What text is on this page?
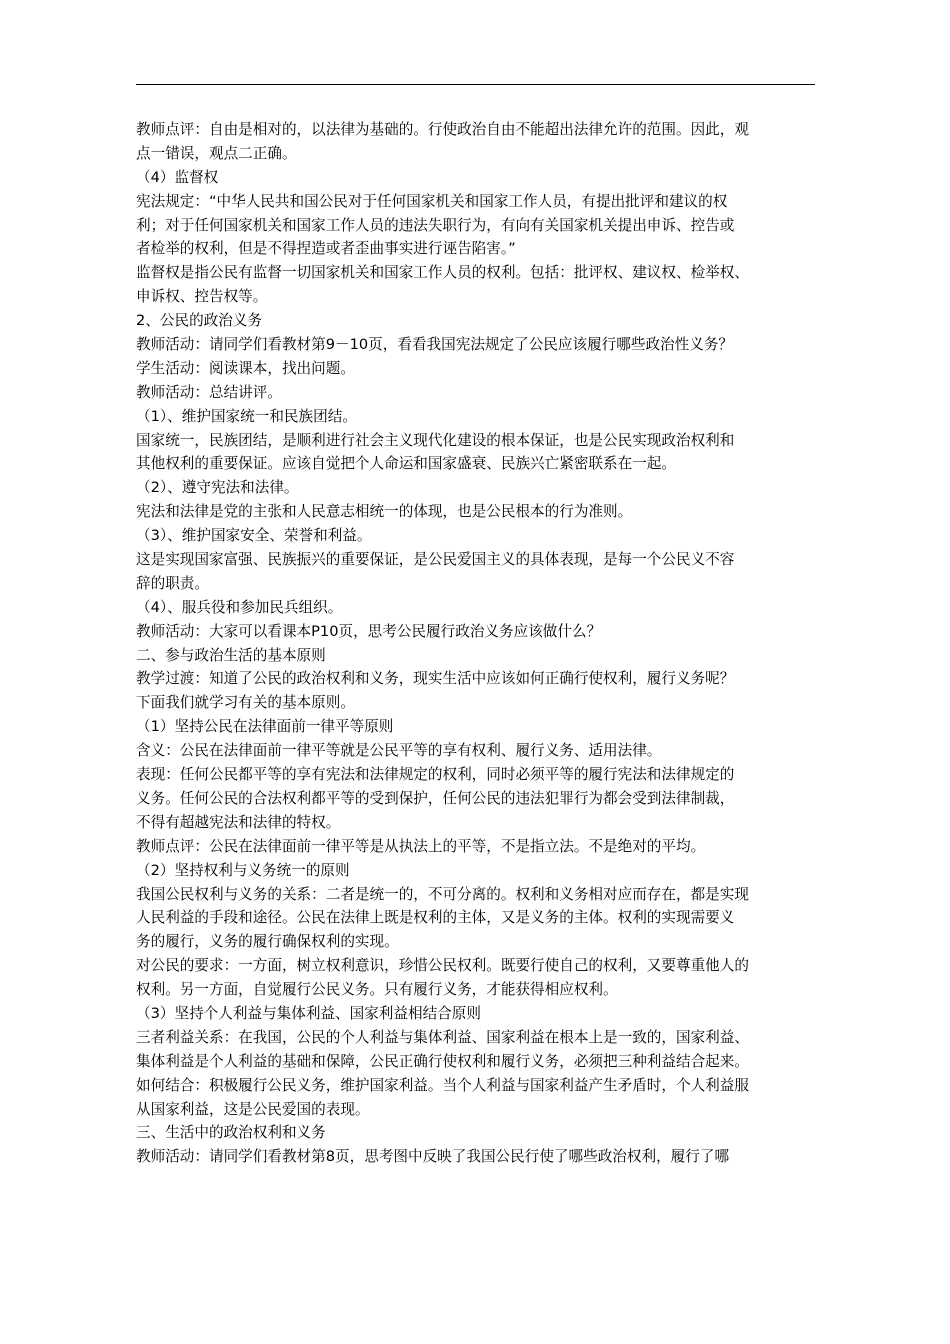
教师点评：自由是相对的，以法律为基础的。行使政治自由不能超出法律允许的范围。因此，观
点一错误，观点二正确。
（4）监督权
宪法规定：“中华人民共和国公民对于任何国家机关和国家工作人员，有提出批评和建议的权
利；对于任何国家机关和国家工作人员的违法失职行为，有向有关国家机关提出申诉、控告或
者检举的权利，但是不得捏造或者歪曲事实进行诬告陷害。”
监督权是指公民有监督一切国家机关和国家工作人员的权利。包括：批评权、建议权、检举权、
申诉权、控告权等。
2、公民的政治义务
教师活动：请同学们看教材第9－10页，看看我国宪法规定了公民应该履行哪些政治性义务？
学生活动：阅读课本，找出问题。
教师活动：总结讲评。
（1）、维护国家统一和民族团结。
国家统一，民族团结，是顺利进行社会主义现代化建设的根本保证，也是公民实现政治权利和
其他权利的重要保证。应该自觉把个人命运和国家盛衰、民族兴亡紧密联系在一起。
（2）、遵守宪法和法律。
宪法和法律是党的主张和人民意志相统一的体现，也是公民根本的行为准则。
（3）、维护国家安全、荣誉和利益。
这是实现国家富强、民族振兴的重要保证，是公民爱国主义的具体表现，是每一个公民义不容
辞的职责。
（4）、服兵役和参加民兵组织。
教师活动：大家可以看课本P10页，思考公民履行政治义务应该做什么？
二、参与政治生活的基本原则
教学过渡：知道了公民的政治权利和义务，现实生活中应该如何正确行使权利，履行义务呢？
下面我们就学习有关的基本原则。
（1）坚持公民在法律面前一律平等原则
含义：公民在法律面前一律平等就是公民平等的享有权利、履行义务、适用法律。
表现：任何公民都平等的享有宪法和法律规定的权利，同时必须平等的履行宪法和法律规定的
义务。任何公民的合法权利都平等的受到保护，任何公民的违法犯罪行为都会受到法律制裁，
不得有超越宪法和法律的特权。
教师点评：公民在法律面前一律平等是从执法上的平等，不是指立法。不是绝对的平均。
（2）坚持权利与义务统一的原则
我国公民权利与义务的关系：二者是统一的，不可分离的。权利和义务相对应而存在，都是实现
人民利益的手段和途径。公民在法律上既是权利的主体，又是义务的主体。权利的实现需要义
务的履行，义务的履行确保权利的实现。
对公民的要求：一方面，树立权利意识，珍惜公民权利。既要行使自己的权利，又要尊重他人的
权利。另一方面，自觉履行公民义务。只有履行义务，才能获得相应权利。
（3）坚持个人利益与集体利益、国家利益相结合原则
三者利益关系：在我国，公民的个人利益与集体利益、国家利益在根本上是一致的，国家利益、
集体利益是个人利益的基础和保障，公民正确行使权利和履行义务，必须把三种利益结合起来。
如何结合：积极履行公民义务，维护国家利益。当个人利益与国家利益产生矛盾时，个人利益服
从国家利益，这是公民爱国的表现。
三、生活中的政治权利和义务
教师活动：请同学们看教材第8页，思考图中反映了我国公民行使了哪些政治权利，履行了哪
